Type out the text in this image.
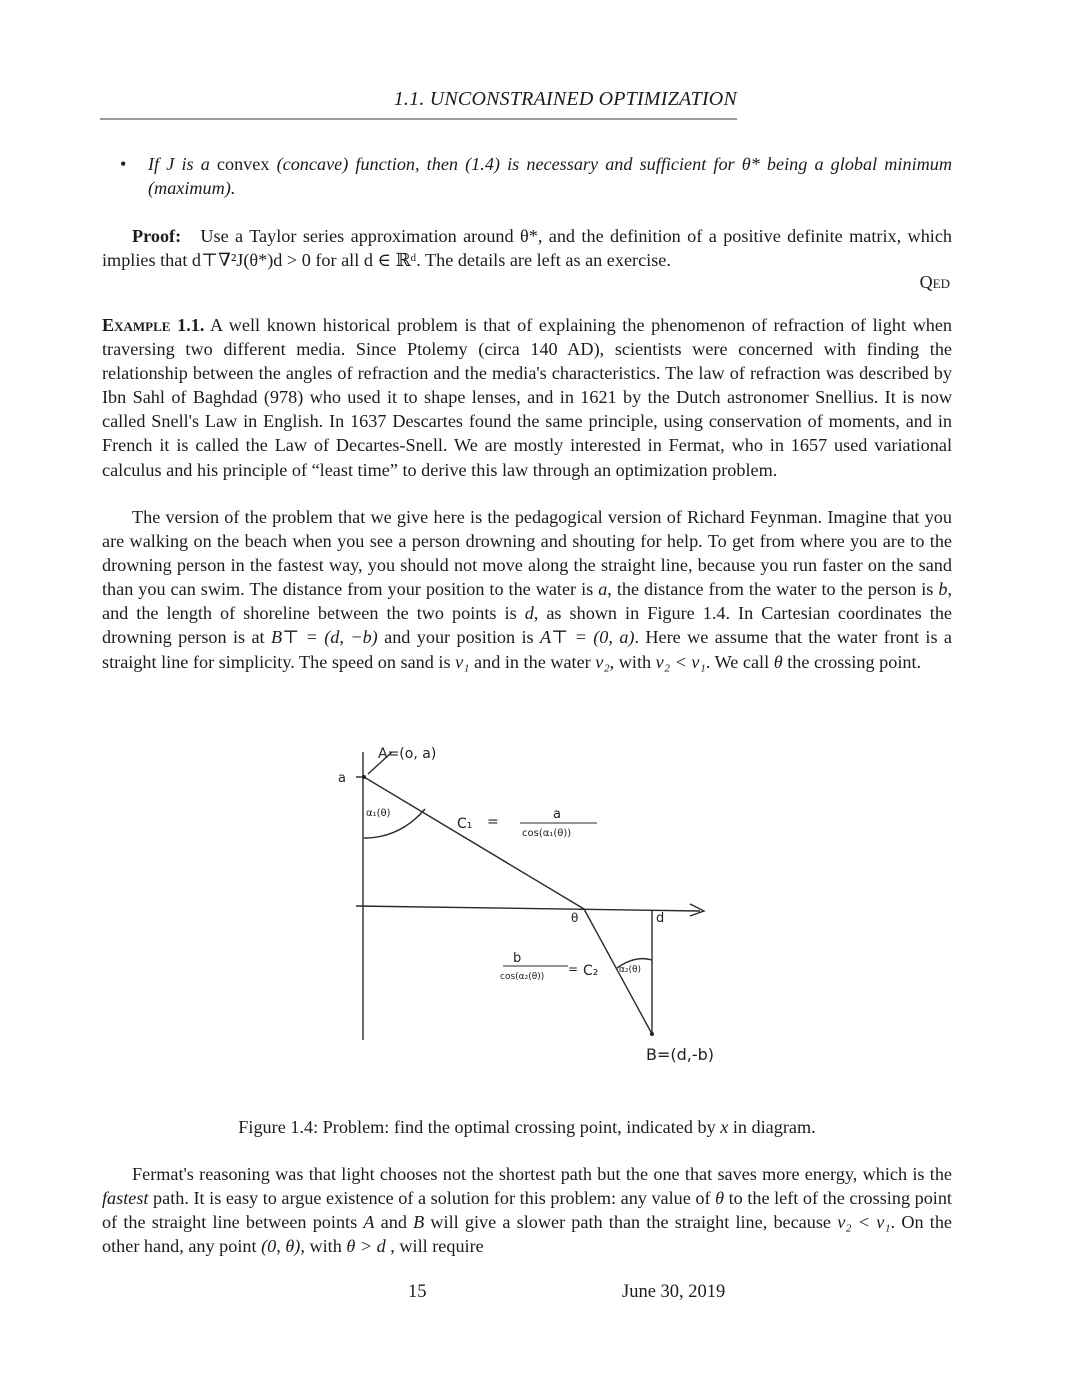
1.1. UNCONSTRAINED OPTIMIZATION
• If J is a convex (concave) function, then (1.4) is necessary and sufficient for θ* being a global minimum (maximum).
Proof: Use a Taylor series approximation around θ*, and the definition of a positive definite matrix, which implies that d⊤∇²J(θ*)d > 0 for all d ∈ ℝᵈ. The details are left as an exercise.
Qed
Example 1.1. A well known historical problem is that of explaining the phenomenon of refraction of light when traversing two different media. Since Ptolemy (circa 140 AD), scientists were concerned with finding the relationship between the angles of refraction and the media's characteristics. The law of refraction was described by Ibn Sahl of Baghdad (978) who used it to shape lenses, and in 1621 by the Dutch astronomer Snellius. It is now called Snell's Law in English. In 1637 Descartes found the same principle, using conservation of moments, and in French it is called the Law of Decartes-Snell. We are mostly interested in Fermat, who in 1657 used variational calculus and his principle of “least time” to derive this law through an optimization problem.
The version of the problem that we give here is the pedagogical version of Richard Feynman. Imagine that you are walking on the beach when you see a person drowning and shouting for help. To get from where you are to the drowning person in the fastest way, you should not move along the straight line, because you run faster on the sand than you can swim. The distance from your position to the water is a, the distance from the water to the person is b, and the length of shoreline between the two points is d, as shown in Figure 1.4. In Cartesian coordinates the drowning person is at B⊤ = (d, −b) and your position is A⊤ = (0, a). Here we assume that the water front is a straight line for simplicity. The speed on sand is v₁ and in the water v₂, with v₂ < v₁. We call θ the crossing point.
A=(o, a)
a
α₁(θ)
C₁ =	a
cos(α₁(θ))
θ	d
b
cos(α₂(θ))
= C₂ α₂(θ)
B=(d,-b)
Figure 1.4: Problem: find the optimal crossing point, indicated by x in diagram.
Fermat's reasoning was that light chooses not the shortest path but the one that saves more energy, which is the fastest path. It is easy to argue existence of a solution for this problem: any value of θ to the left of the crossing point of the straight line between points A and B will give a slower path than the straight line, because v₂ < v₁. On the other hand, any point (0, θ), with θ > d , will require
15	June 30, 2019
